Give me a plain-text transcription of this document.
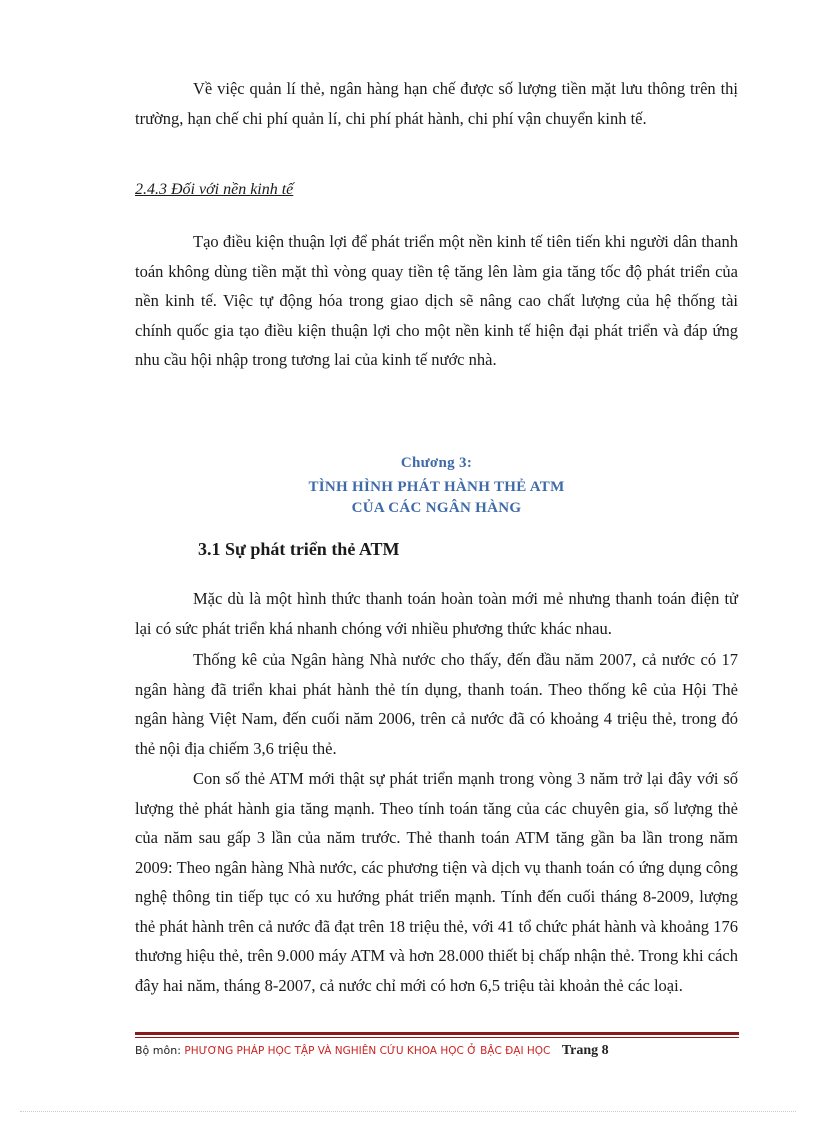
Về việc quản lí thẻ, ngân hàng hạn chế được số lượng tiền mặt lưu thông trên thị trường, hạn chế chi phí quản lí, chi phí phát hành, chi phí vận chuyển kinh tế.

2.4.3 Đối với nền kinh tế

Tạo điều kiện thuận lợi để phát triển một nền kinh tế tiên tiến khi người dân thanh toán không dùng tiền mặt thì vòng quay tiền tệ tăng lên làm gia tăng tốc độ phát triển của nền kinh tế. Việc tự động hóa trong giao dịch sẽ nâng cao chất lượng của hệ thống tài chính quốc gia tạo điều kiện thuận lợi cho một nền kinh tế hiện đại phát triển và đáp ứng nhu cầu hội nhập trong tương lai của kinh tế nước nhà.

Chương 3:

TÌNH HÌNH PHÁT HÀNH THẺ ATM

CỦA CÁC NGÂN HÀNG

3.1 Sự phát triển thẻ ATM

Mặc dù là một hình thức thanh toán hoàn toàn mới mẻ nhưng thanh toán điện tử lại có sức phát triển khá nhanh chóng với nhiều phương thức khác nhau.

Thống kê của Ngân hàng Nhà nước cho thấy, đến đầu năm 2007, cả nước có 17 ngân hàng đã triển khai phát hành thẻ tín dụng, thanh toán. Theo thống kê của Hội Thẻ ngân hàng Việt Nam, đến cuối năm 2006, trên cả nước đã có khoảng 4 triệu thẻ, trong đó thẻ nội địa chiếm 3,6 triệu thẻ.

Con số thẻ ATM mới thật sự phát triển mạnh trong vòng 3 năm trở lại đây với số lượng thẻ phát hành gia tăng mạnh. Theo tính toán tăng của các chuyên gia, số lượng thẻ của năm sau gấp 3 lần của năm trước. Thẻ thanh toán ATM tăng gần ba lần trong năm 2009: Theo ngân hàng Nhà nước, các phương tiện và dịch vụ thanh toán có ứng dụng công nghệ thông tin tiếp tục có xu hướng phát triển mạnh. Tính đến cuối tháng 8-2009, lượng thẻ phát hành trên cả nước đã đạt trên 18 triệu thẻ, với 41 tổ chức phát hành và khoảng 176 thương hiệu thẻ, trên 9.000 máy ATM và hơn 28.000 thiết bị chấp nhận thẻ. Trong khi cách đây hai năm, tháng 8-2007, cả nước chỉ mới có hơn 6,5 triệu tài khoản thẻ các loại.

Bộ môn: PHƯƠNG PHÁP HỌC TẬP VÀ NGHIÊN CỨU KHOA HỌC Ở BẬC ĐẠI HỌC Trang 8
